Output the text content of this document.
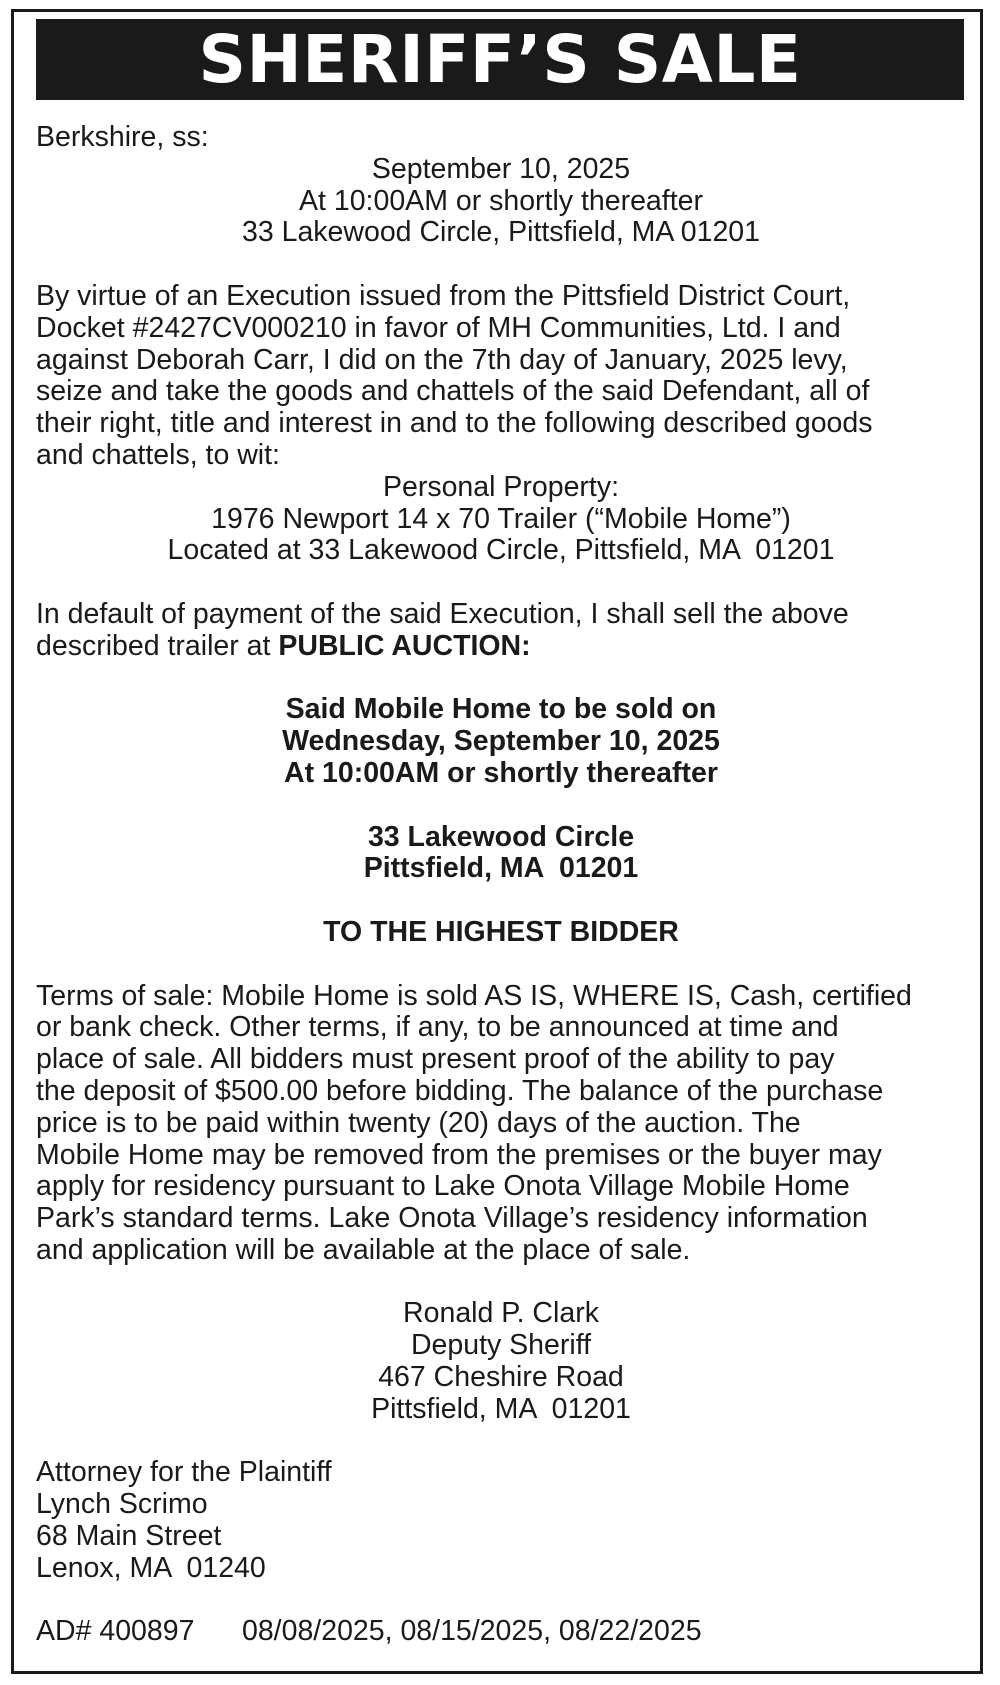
SHERIFF’S SALE
Berkshire, ss:
September 10, 2025
At 10:00AM or shortly thereafter
33 Lakewood Circle, Pittsfield, MA 01201
By virtue of an Execution issued from the Pittsfield District Court,
Docket #2427CV000210 in favor of MH Communities, Ltd. I and
against Deborah Carr, I did on the 7th day of January, 2025 levy,
seize and take the goods and chattels of the said Defendant, all of
their right, title and interest in and to the following described goods
and chattels, to wit:
Personal Property:
1976 Newport 14 x 70 Trailer (“Mobile Home”)
Located at 33 Lakewood Circle, Pittsfield, MA  01201
In default of payment of the said Execution, I shall sell the above
described trailer at PUBLIC AUCTION:
Said Mobile Home to be sold on
Wednesday, September 10, 2025
At 10:00AM or shortly thereafter
33 Lakewood Circle
Pittsfield, MA  01201
TO THE HIGHEST BIDDER
Terms of sale: Mobile Home is sold AS IS, WHERE IS, Cash, certified
or bank check. Other terms, if any, to be announced at time and
place of sale. All bidders must present proof of the ability to pay
the deposit of $500.00 before bidding. The balance of the purchase
price is to be paid within twenty (20) days of the auction. The
Mobile Home may be removed from the premises or the buyer may
apply for residency pursuant to Lake Onota Village Mobile Home
Park’s standard terms. Lake Onota Village’s residency information
and application will be available at the place of sale.
Ronald P. Clark
Deputy Sheriff
467 Cheshire Road
Pittsfield, MA  01201
Attorney for the Plaintiff
Lynch Scrimo
68 Main Street
Lenox, MA  01240
AD# 400897 08/08/2025, 08/15/2025, 08/22/2025
